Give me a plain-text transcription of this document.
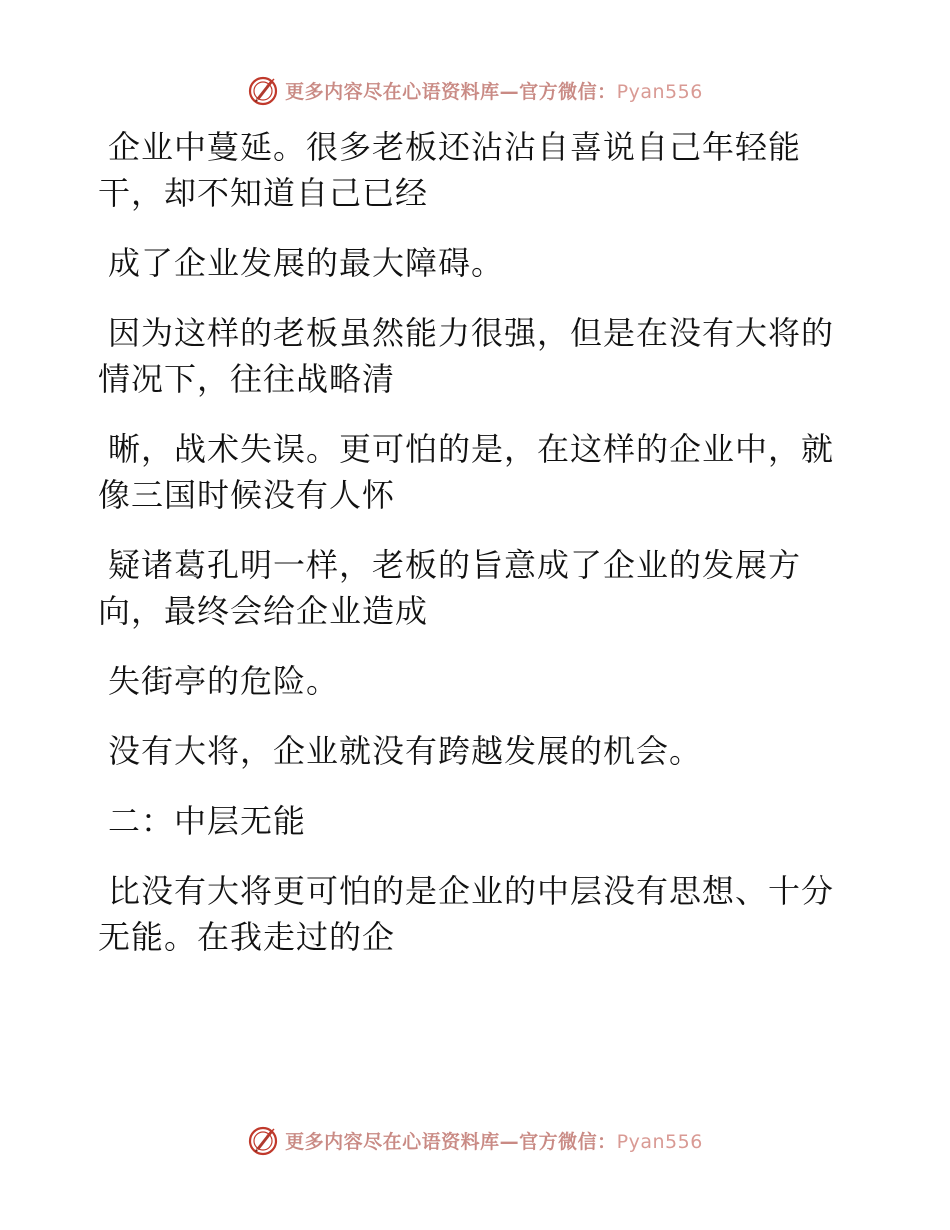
更多内容尽在心语资料库—官方微信：Pyan556

企业中蔓延。很多老板还沾沾自喜说自己年轻能干，却不知道自己已经

成了企业发展的最大障碍。

因为这样的老板虽然能力很强，但是在没有大将的情况下，往往战略清

晰，战术失误。更可怕的是，在这样的企业中，就像三国时候没有人怀

疑诸葛孔明一样，老板的旨意成了企业的发展方向，最终会给企业造成

失街亭的危险。

没有大将，企业就没有跨越发展的机会。

二：中层无能

比没有大将更可怕的是企业的中层没有思想、十分无能。在我走过的企

更多内容尽在心语资料库—官方微信：Pyan556
